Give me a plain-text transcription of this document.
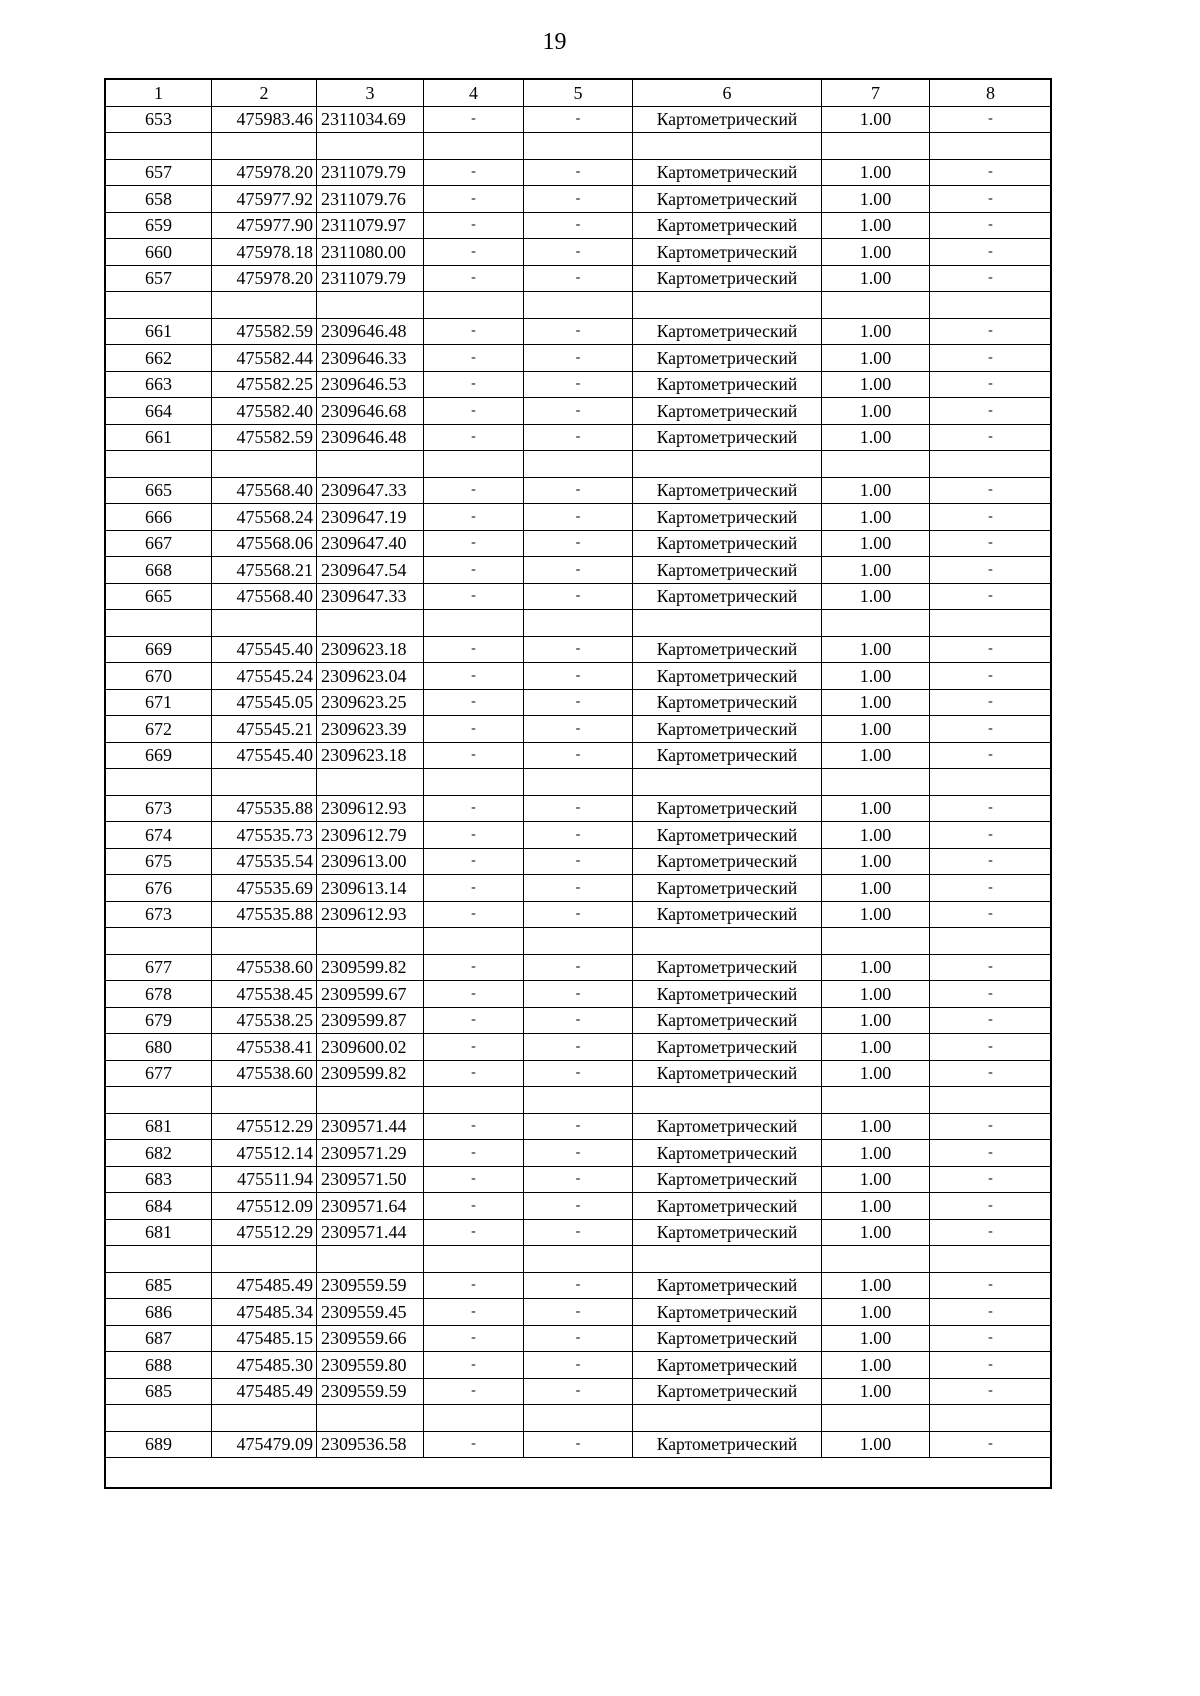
19
1	2	3	4	5	6	7	8
653	475983.46	2311034.69	-	-	Картометрический	1.00	-

657	475978.20	2311079.79	-	-	Картометрический	1.00	-
658	475977.92	2311079.76	-	-	Картометрический	1.00	-
659	475977.90	2311079.97	-	-	Картометрический	1.00	-
660	475978.18	2311080.00	-	-	Картометрический	1.00	-
657	475978.20	2311079.79	-	-	Картометрический	1.00	-

661	475582.59	2309646.48	-	-	Картометрический	1.00	-
662	475582.44	2309646.33	-	-	Картометрический	1.00	-
663	475582.25	2309646.53	-	-	Картометрический	1.00	-
664	475582.40	2309646.68	-	-	Картометрический	1.00	-
661	475582.59	2309646.48	-	-	Картометрический	1.00	-

665	475568.40	2309647.33	-	-	Картометрический	1.00	-
666	475568.24	2309647.19	-	-	Картометрический	1.00	-
667	475568.06	2309647.40	-	-	Картометрический	1.00	-
668	475568.21	2309647.54	-	-	Картометрический	1.00	-
665	475568.40	2309647.33	-	-	Картометрический	1.00	-

669	475545.40	2309623.18	-	-	Картометрический	1.00	-
670	475545.24	2309623.04	-	-	Картометрический	1.00	-
671	475545.05	2309623.25	-	-	Картометрический	1.00	-
672	475545.21	2309623.39	-	-	Картометрический	1.00	-
669	475545.40	2309623.18	-	-	Картометрический	1.00	-

673	475535.88	2309612.93	-	-	Картометрический	1.00	-
674	475535.73	2309612.79	-	-	Картометрический	1.00	-
675	475535.54	2309613.00	-	-	Картометрический	1.00	-
676	475535.69	2309613.14	-	-	Картометрический	1.00	-
673	475535.88	2309612.93	-	-	Картометрический	1.00	-

677	475538.60	2309599.82	-	-	Картометрический	1.00	-
678	475538.45	2309599.67	-	-	Картометрический	1.00	-
679	475538.25	2309599.87	-	-	Картометрический	1.00	-
680	475538.41	2309600.02	-	-	Картометрический	1.00	-
677	475538.60	2309599.82	-	-	Картометрический	1.00	-

681	475512.29	2309571.44	-	-	Картометрический	1.00	-
682	475512.14	2309571.29	-	-	Картометрический	1.00	-
683	475511.94	2309571.50	-	-	Картометрический	1.00	-
684	475512.09	2309571.64	-	-	Картометрический	1.00	-
681	475512.29	2309571.44	-	-	Картометрический	1.00	-

685	475485.49	2309559.59	-	-	Картометрический	1.00	-
686	475485.34	2309559.45	-	-	Картометрический	1.00	-
687	475485.15	2309559.66	-	-	Картометрический	1.00	-
688	475485.30	2309559.80	-	-	Картометрический	1.00	-
685	475485.49	2309559.59	-	-	Картометрический	1.00	-

689	475479.09	2309536.58	-	-	Картометрический	1.00	-
